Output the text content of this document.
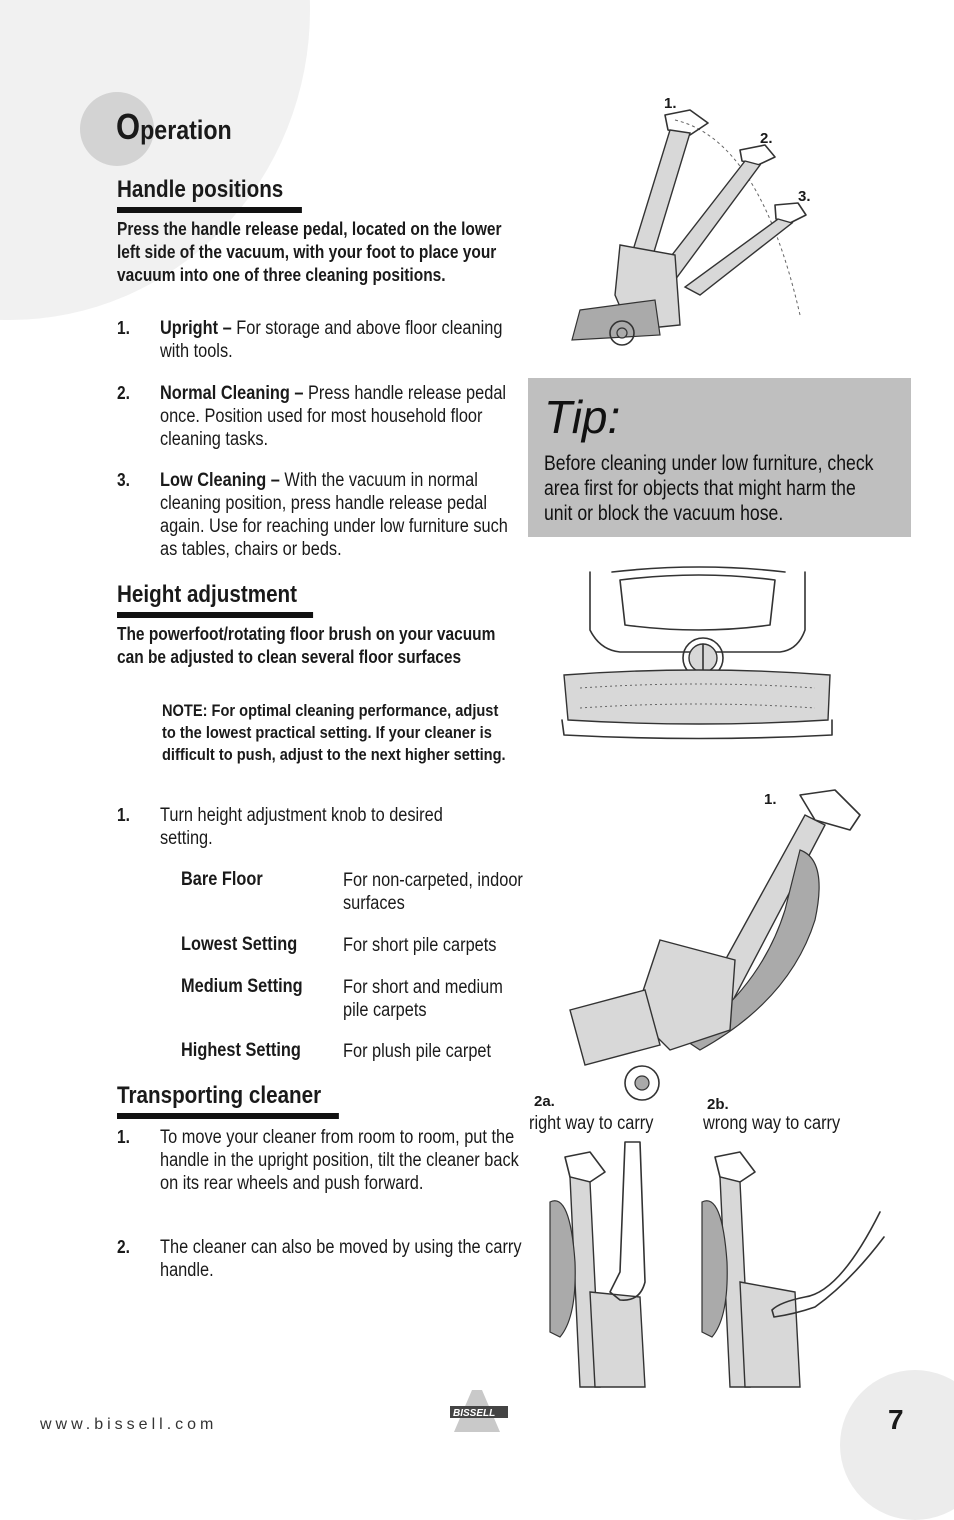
Operation
Handle positions
Press the handle release pedal, located on the lower left side of the vacuum, with your foot to place your vacuum into one of three cleaning positions.
1. Upright – For storage and above floor cleaning with tools.
2. Normal Cleaning – Press handle release pedal once. Position used for most household floor cleaning tasks.
3. Low Cleaning – With the vacuum in normal cleaning position, press handle release pedal again. Use for reaching under low furniture such as tables, chairs or beds.
Height adjustment
The powerfoot/rotating floor brush on your vacuum can be adjusted to clean several floor surfaces
NOTE: For optimal cleaning performance, adjust to the lowest practical setting. If your cleaner is difficult to push, adjust to the next higher setting.
1. Turn height adjustment knob to desired setting.
Bare Floor	For non-carpeted, indoor surfaces
Lowest Setting For short pile carpets
Medium Setting For short and medium pile carpets
Highest Setting For plush pile carpet
Transporting cleaner
1. To move your cleaner from room to room, put the handle in the upright position, tilt the cleaner back on its rear wheels and push forward.
2. The cleaner can also be moved by using the carry handle.
Tip:
Before cleaning under low furniture, check area first for objects that might harm the unit or block the vacuum hose.
1.
2.
3.
1.
2a.
right way to carry
2b.
wrong way to carry
www.bissell.com
BISSELL	7
